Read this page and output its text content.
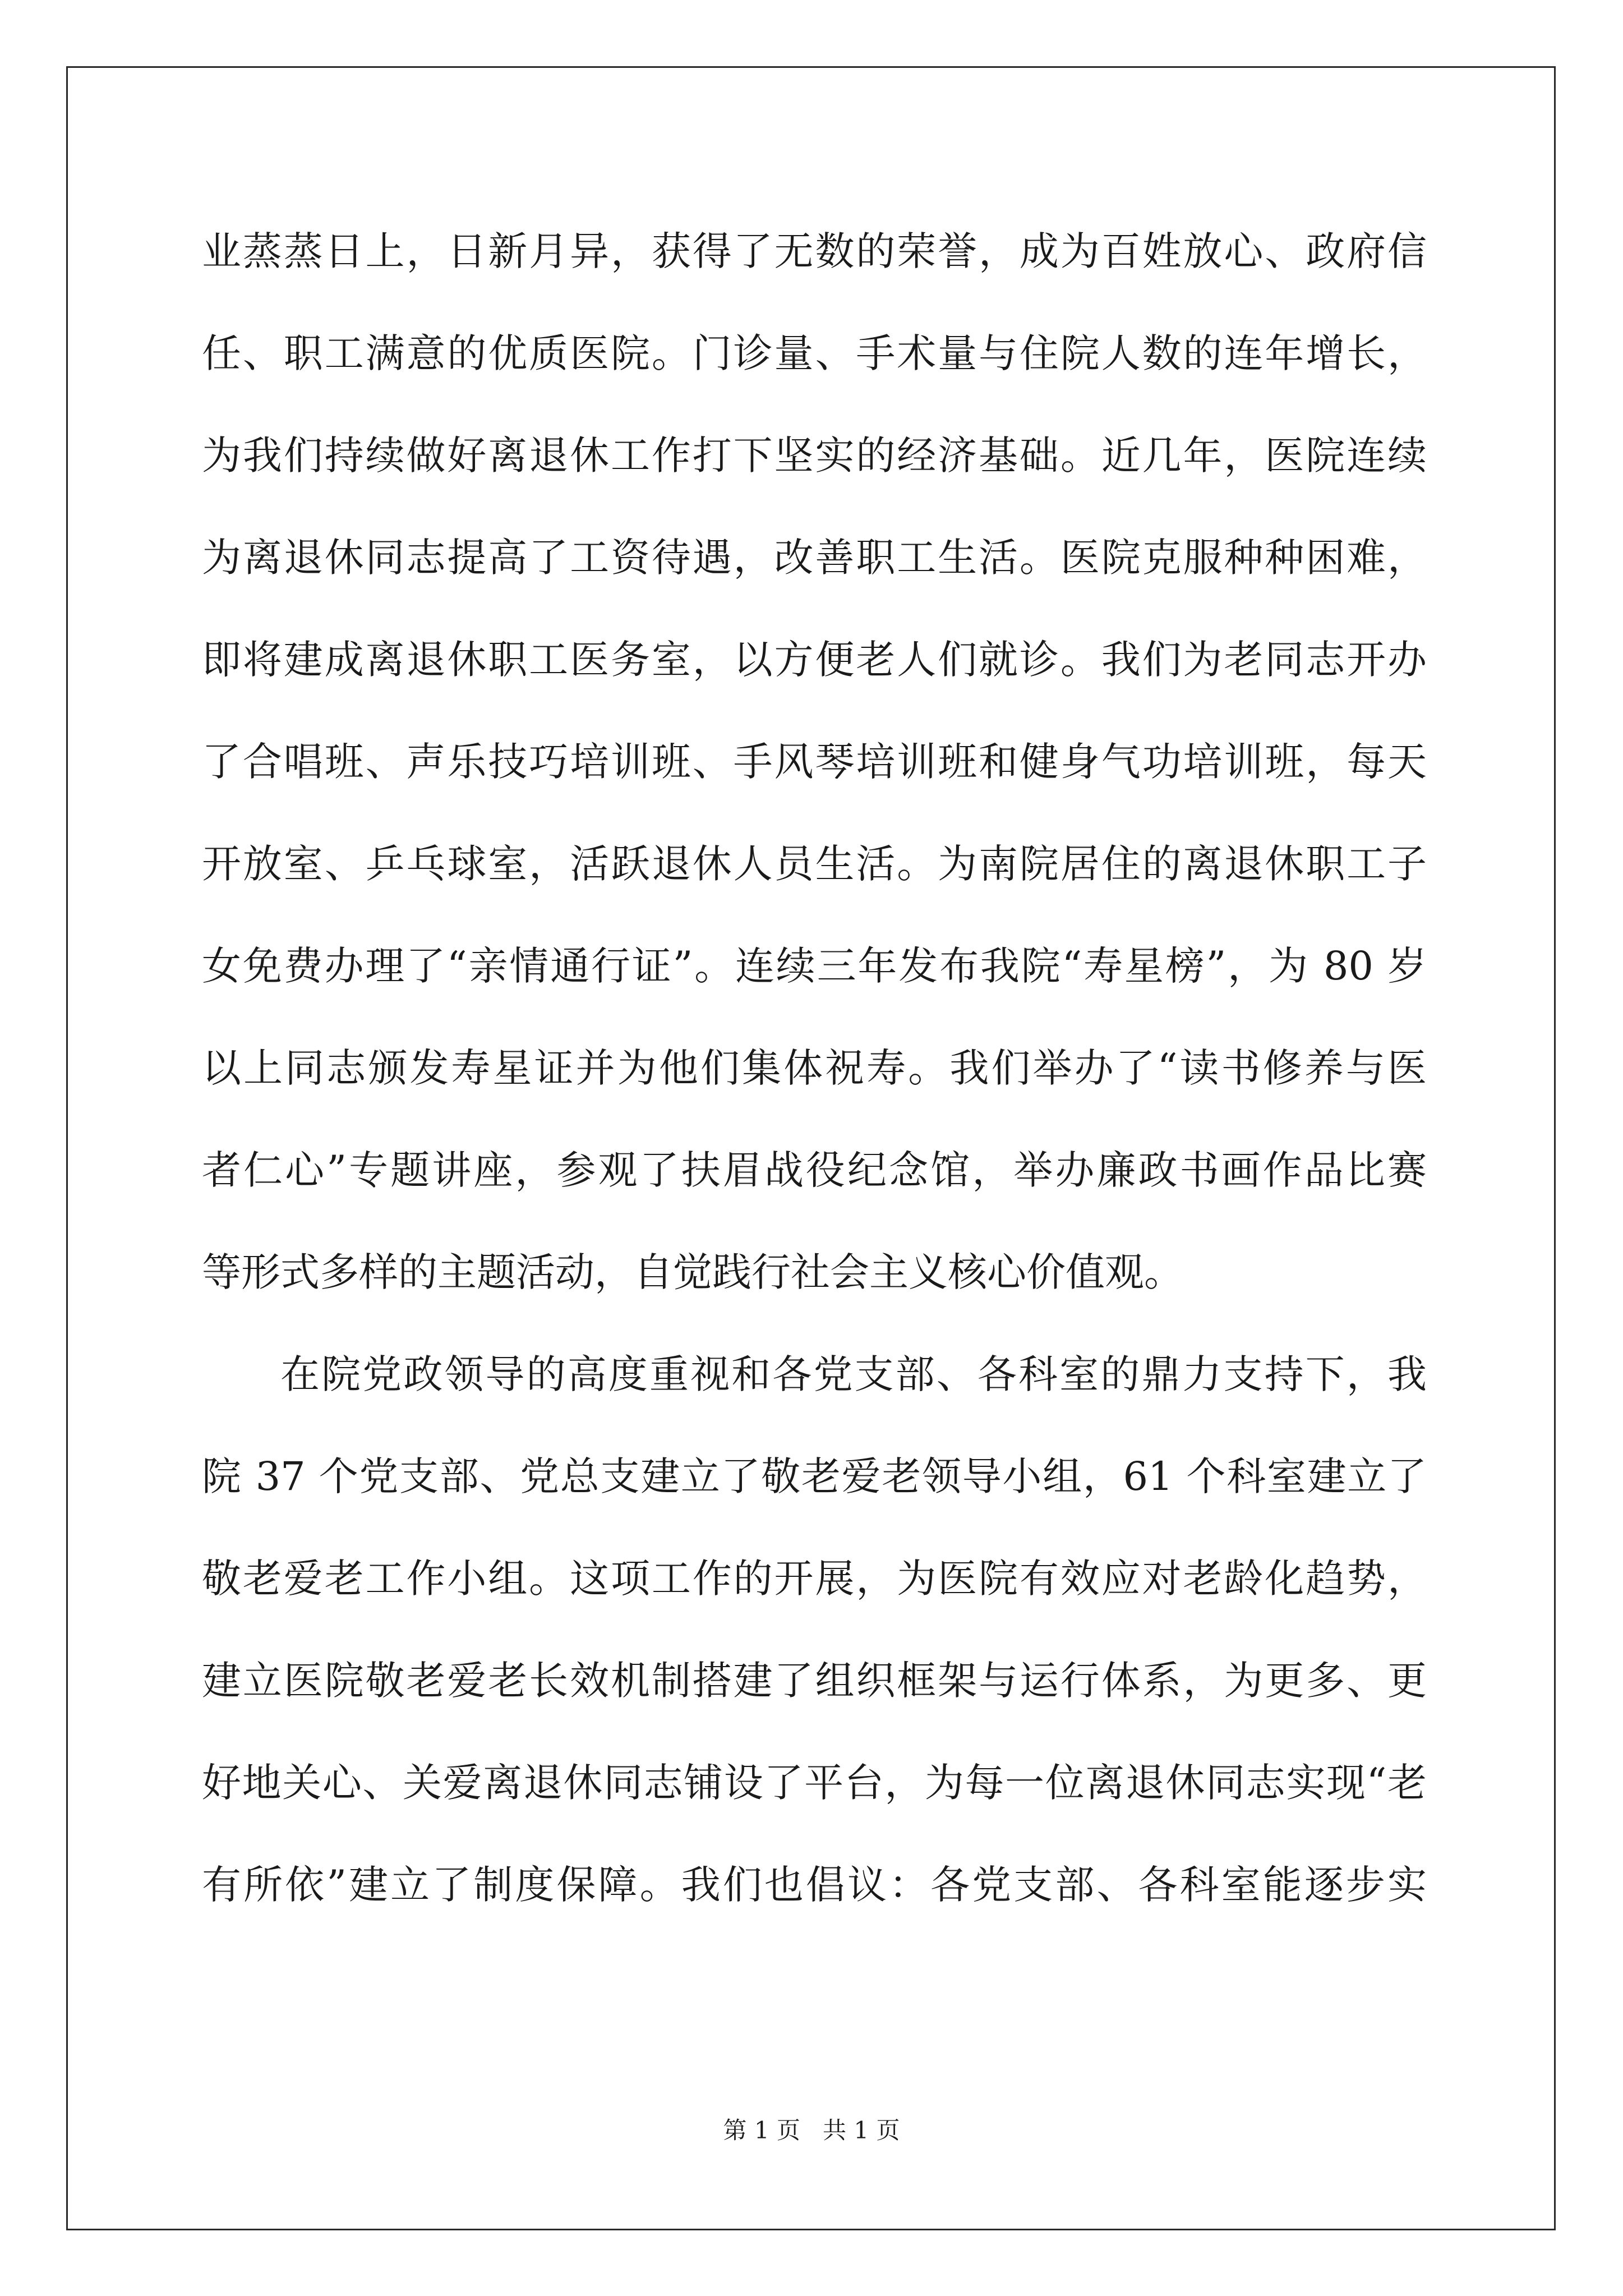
业蒸蒸日上，日新月异，获得了无数的荣誉，成为百姓放心、政府信
任、职工满意的优质医院。门诊量、手术量与住院人数的连年增长，
为我们持续做好离退休工作打下坚实的经济基础。近几年，医院连续
为离退休同志提高了工资待遇，改善职工生活。医院克服种种困难，
即将建成离退休职工医务室，以方便老人们就诊。我们为老同志开办
了合唱班、声乐技巧培训班、手风琴培训班和健身气功培训班，每天
开放室、乒乓球室，活跃退休人员生活。为南院居住的离退休职工子
女免费办理了“亲情通行证”。连续三年发布我院“寿星榜”，为 80 岁
以上同志颁发寿星证并为他们集体祝寿。我们举办了“读书修养与医
者仁心”专题讲座，参观了扶眉战役纪念馆，举办廉政书画作品比赛
等形式多样的主题活动，自觉践行社会主义核心价值观。
在院党政领导的高度重视和各党支部、各科室的鼎力支持下，我
院 37 个党支部、党总支建立了敬老爱老领导小组，61 个科室建立了
敬老爱老工作小组。这项工作的开展，为医院有效应对老龄化趋势，
建立医院敬老爱老长效机制搭建了组织框架与运行体系，为更多、更
好地关心、关爱离退休同志铺设了平台，为每一位离退休同志实现“老
有所依”建立了制度保障。我们也倡议：各党支部、各科室能逐步实
第 1 页 共 1 页
